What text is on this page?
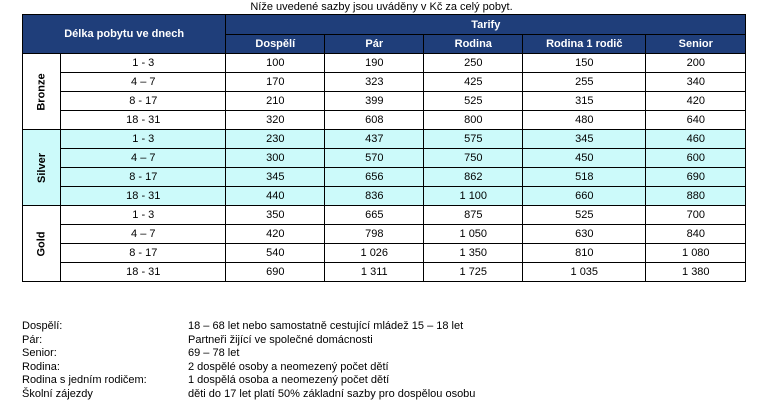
Níže uvedené sazby jsou uváděny v Kč za celý pobyt.
Délka pobytu ve dnech		Tarify				
		Dospělí	Pár	Rodina	Rodina 1 rodič	Senior
Bronze	1 - 3	100	190	250	150	200
	4 – 7	170	323	425	255	340
	8 - 17	210	399	525	315	420
	18 - 31	320	608	800	480	640
Silver	1 - 3	230	437	575	345	460
	4 – 7	300	570	750	450	600
	8 - 17	345	656	862	518	690
	18 - 31	440	836	1 100	660	880
Gold	1 - 3	350	665	875	525	700
	4 – 7	420	798	1 050	630	840
	8 - 17	540	1 026	1 350	810	1 080
	18 - 31	690	1 311	1 725	1 035	1 380
Dospělí:	18 – 68 let nebo samostatně cestující mládež 15 – 18 let
Pár:	Partneři žijící ve společné domácnosti
Senior:	69 – 78 let
Rodina:	2 dospělé osoby a neomezený počet dětí
Rodina s jedním rodičem:	1 dospělá osoba a neomezený počet dětí
Školní zájezdy	děti do 17 let platí 50% základní sazby pro dospělou osobu
